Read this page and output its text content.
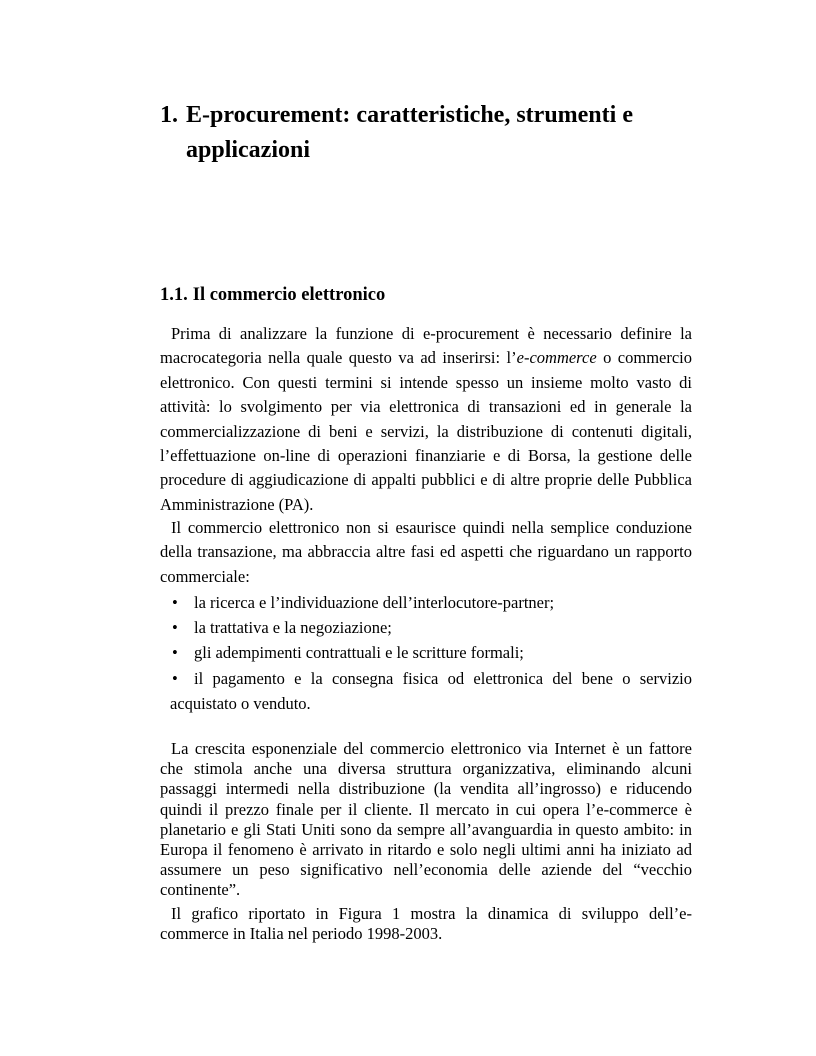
1. E-procurement: caratteristiche, strumenti e
applicazioni
1.1. Il commercio elettronico

Prima di analizzare la funzione di e-procurement è necessario definire la macrocategoria nella quale questo va ad inserirsi: l’e-commerce o commercio elettronico. Con questi termini si intende spesso un insieme molto vasto di attività: lo svolgimento per via elettronica di transazioni ed in generale la commercializzazione di beni e servizi, la distribuzione di contenuti digitali, l’effettuazione on-line di operazioni finanziarie e di Borsa, la gestione delle procedure di aggiudicazione di appalti pubblici e di altre proprie delle Pubblica Amministrazione (PA).

Il commercio elettronico non si esaurisce quindi nella semplice conduzione della transazione, ma abbraccia altre fasi ed aspetti che riguardano un rapporto commerciale:

• la ricerca e l’individuazione dell’interlocutore-partner;
• la trattativa e la negoziazione;
• gli adempimenti contrattuali e le scritture formali;
• il pagamento e la consegna fisica od elettronica del bene o servizio acquistato o venduto.

La crescita esponenziale del commercio elettronico via Internet è un fattore che stimola anche una diversa struttura organizzativa, eliminando alcuni passaggi intermedi nella distribuzione (la vendita all’ingrosso) e riducendo quindi il prezzo finale per il cliente. Il mercato in cui opera l’e-commerce è planetario e gli Stati Uniti sono da sempre all’avanguardia in questo ambito: in Europa il fenomeno è arrivato in ritardo e solo negli ultimi anni ha iniziato ad assumere un peso significativo nell’economia delle aziende del “vecchio continente”.

Il grafico riportato in Figura 1 mostra la dinamica di sviluppo dell’e-commerce in Italia nel periodo 1998-2003.
